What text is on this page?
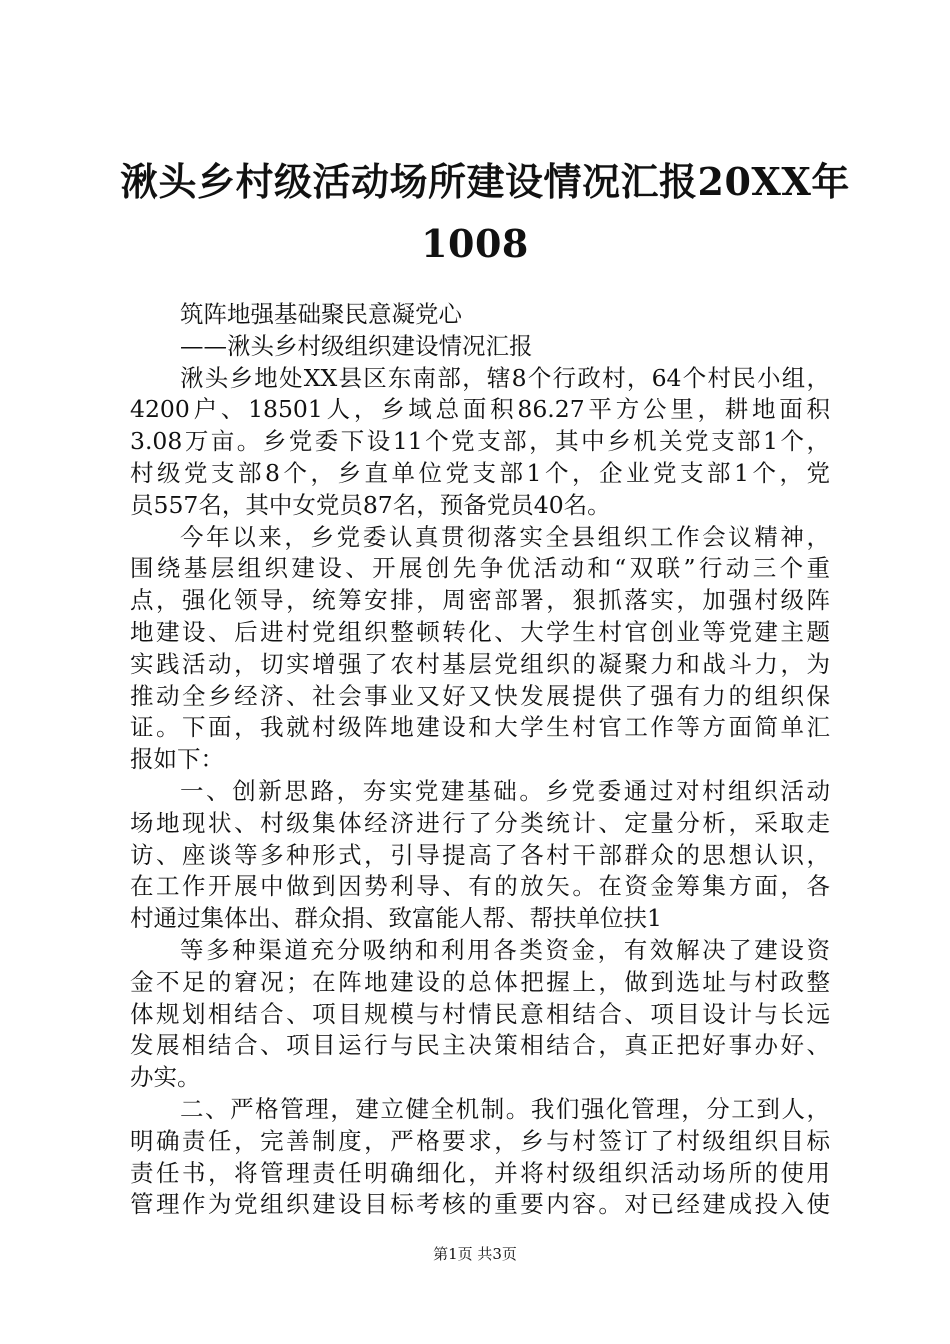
湫头乡村级活动场所建设情况汇报20XX年
1008
筑阵地强基础聚民意凝党心
——湫头乡村级组织建设情况汇报
湫头乡地处XX县区东南部，辖8个行政村，64个村民小组，
4200户、18501人，乡域总面积86.27平方公里，耕地面积
3.08万亩。乡党委下设11个党支部，其中乡机关党支部1个，
村级党支部8个，乡直单位党支部1个，企业党支部1个，党
员557名，其中女党员87名，预备党员40名。
今年以来，乡党委认真贯彻落实全县组织工作会议精神，
围绕基层组织建设、开展创先争优活动和“双联”行动三个重
点，强化领导，统筹安排，周密部署，狠抓落实，加强村级阵
地建设、后进村党组织整顿转化、大学生村官创业等党建主题
实践活动，切实增强了农村基层党组织的凝聚力和战斗力，为
推动全乡经济、社会事业又好又快发展提供了强有力的组织保
证。下面，我就村级阵地建设和大学生村官工作等方面简单汇
报如下：
一、创新思路，夯实党建基础。乡党委通过对村组织活动
场地现状、村级集体经济进行了分类统计、定量分析，采取走
访、座谈等多种形式，引导提高了各村干部群众的思想认识，
在工作开展中做到因势利导、有的放矢。在资金筹集方面，各
村通过集体出、群众捐、致富能人帮、帮扶单位扶1
等多种渠道充分吸纳和利用各类资金，有效解决了建设资
金不足的窘况；在阵地建设的总体把握上，做到选址与村政整
体规划相结合、项目规模与村情民意相结合、项目设计与长远
发展相结合、项目运行与民主决策相结合，真正把好事办好、
办实。
二、严格管理，建立健全机制。我们强化管理，分工到人，
明确责任，完善制度，严格要求，乡与村签订了村级组织目标
责任书，将管理责任明确细化，并将村级组织活动场所的使用
管理作为党组织建设目标考核的重要内容。对已经建成投入使
第1页 共3页
